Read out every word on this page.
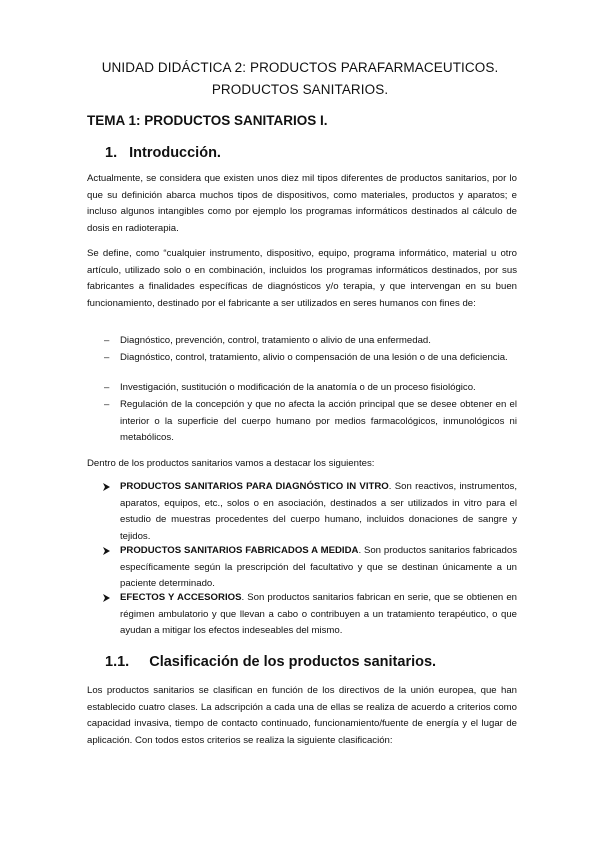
UNIDAD DIDÁCTICA 2: PRODUCTOS PARAFARMACEUTICOS.
PRODUCTOS SANITARIOS.
TEMA 1: PRODUCTOS SANITARIOS I.
1. Introducción.
Actualmente, se considera que existen unos diez mil tipos diferentes de productos sanitarios, por lo que su definición abarca muchos tipos de dispositivos, como materiales, productos y aparatos; e incluso algunos intangibles como por ejemplo los programas informáticos destinados al cálculo de dosis en radioterapia.
Se define, como “cualquier instrumento, dispositivo, equipo, programa informático, material u otro artículo, utilizado solo o en combinación, incluidos los programas informáticos destinados, por sus fabricantes a finalidades específicas de diagnósticos y/o terapia, y que intervengan en su buen funcionamiento, destinado por el fabricante a ser utilizados en seres humanos con fines de:
– Diagnóstico, prevención, control, tratamiento o alivio de una enfermedad.
– Diagnóstico, control, tratamiento, alivio o compensación de una lesión o de una deficiencia.
– Investigación, sustitución o modificación de la anatomía o de un proceso fisiológico.
– Regulación de la concepción y que no afecta la acción principal que se desee obtener en el interior o la superficie del cuerpo humano por medios farmacológicos, inmunológicos ni metabólicos.
Dentro de los productos sanitarios vamos a destacar los siguientes:
PRODUCTOS SANITARIOS PARA DIAGNÓSTICO IN VITRO. Son reactivos, instrumentos, aparatos, equipos, etc., solos o en asociación, destinados a ser utilizados in vitro para el estudio de muestras procedentes del cuerpo humano, incluidos donaciones de sangre y tejidos.
PRODUCTOS SANITARIOS FABRICADOS A MEDIDA. Son productos sanitarios fabricados específicamente según la prescripción del facultativo y que se destinan únicamente a un paciente determinado.
EFECTOS Y ACCESORIOS. Son productos sanitarios fabrican en serie, que se obtienen en régimen ambulatorio y que llevan a cabo o contribuyen a un tratamiento terapéutico, o que ayudan a mitigar los efectos indeseables del mismo.
1.1. Clasificación de los productos sanitarios.
Los productos sanitarios se clasifican en función de los directivos de la unión europea, que han establecido cuatro clases. La adscripción a cada una de ellas se realiza de acuerdo a criterios como capacidad invasiva, tiempo de contacto continuado, funcionamiento/fuente de energía y el lugar de aplicación. Con todos estos criterios se realiza la siguiente clasificación:
